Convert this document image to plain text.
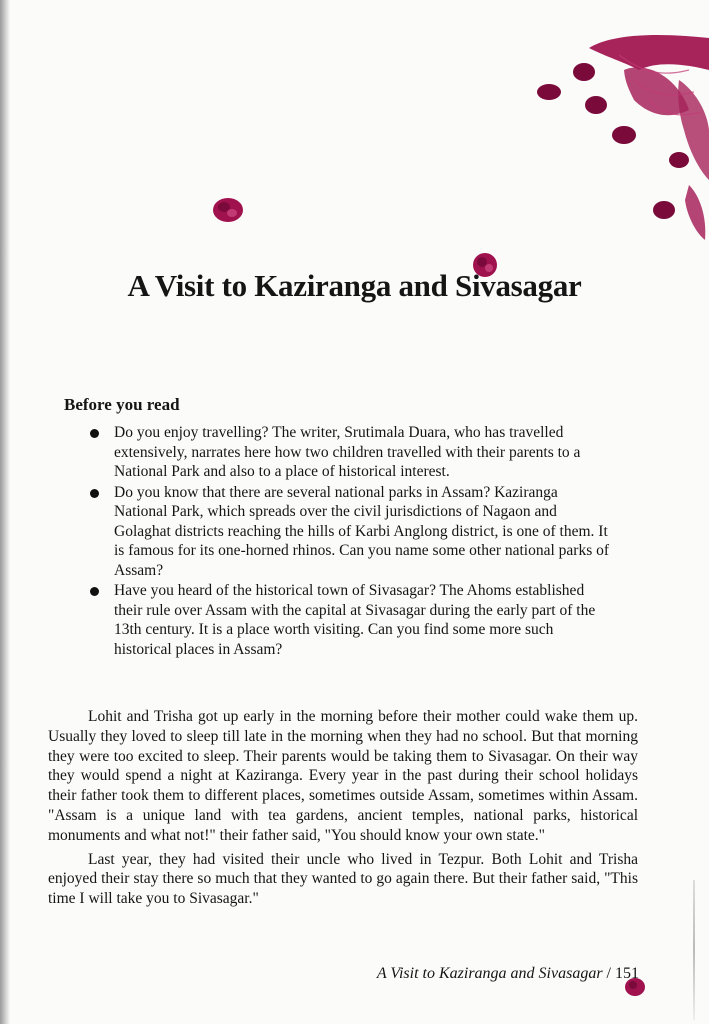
A Visit to Kaziranga and Sivasagar
Before you read
Do you enjoy travelling? The writer, Srutimala Duara, who has travelled extensively, narrates here how two children travelled with their parents to a National Park and also to a place of historical interest.
Do you know that there are several national parks in Assam? Kaziranga National Park, which spreads over the civil jurisdictions of Nagaon and Golaghat districts reaching the hills of Karbi Anglong district, is one of them. It is famous for its one-horned rhinos. Can you name some other national parks of Assam?
Have you heard of the historical town of Sivasagar? The Ahoms established their rule over Assam with the capital at Sivasagar during the early part of the 13th century. It is a place worth visiting. Can you find some more such historical places in Assam?

Lohit and Trisha got up early in the morning before their mother could wake them up. Usually they loved to sleep till late in the morning when they had no school. But that morning they were too excited to sleep. Their parents would be taking them to Sivasagar. On their way they would spend a night at Kaziranga. Every year in the past during their school holidays their father took them to different places, sometimes outside Assam, sometimes within Assam. "Assam is a unique land with tea gardens, ancient temples, national parks, historical monuments and what not!" their father said, "You should know your own state."

Last year, they had visited their uncle who lived in Tezpur. Both Lohit and Trisha enjoyed their stay there so much that they wanted to go again there. But their father said, "This time I will take you to Sivasagar."

A Visit to Kaziranga and Sivasagar / 151
